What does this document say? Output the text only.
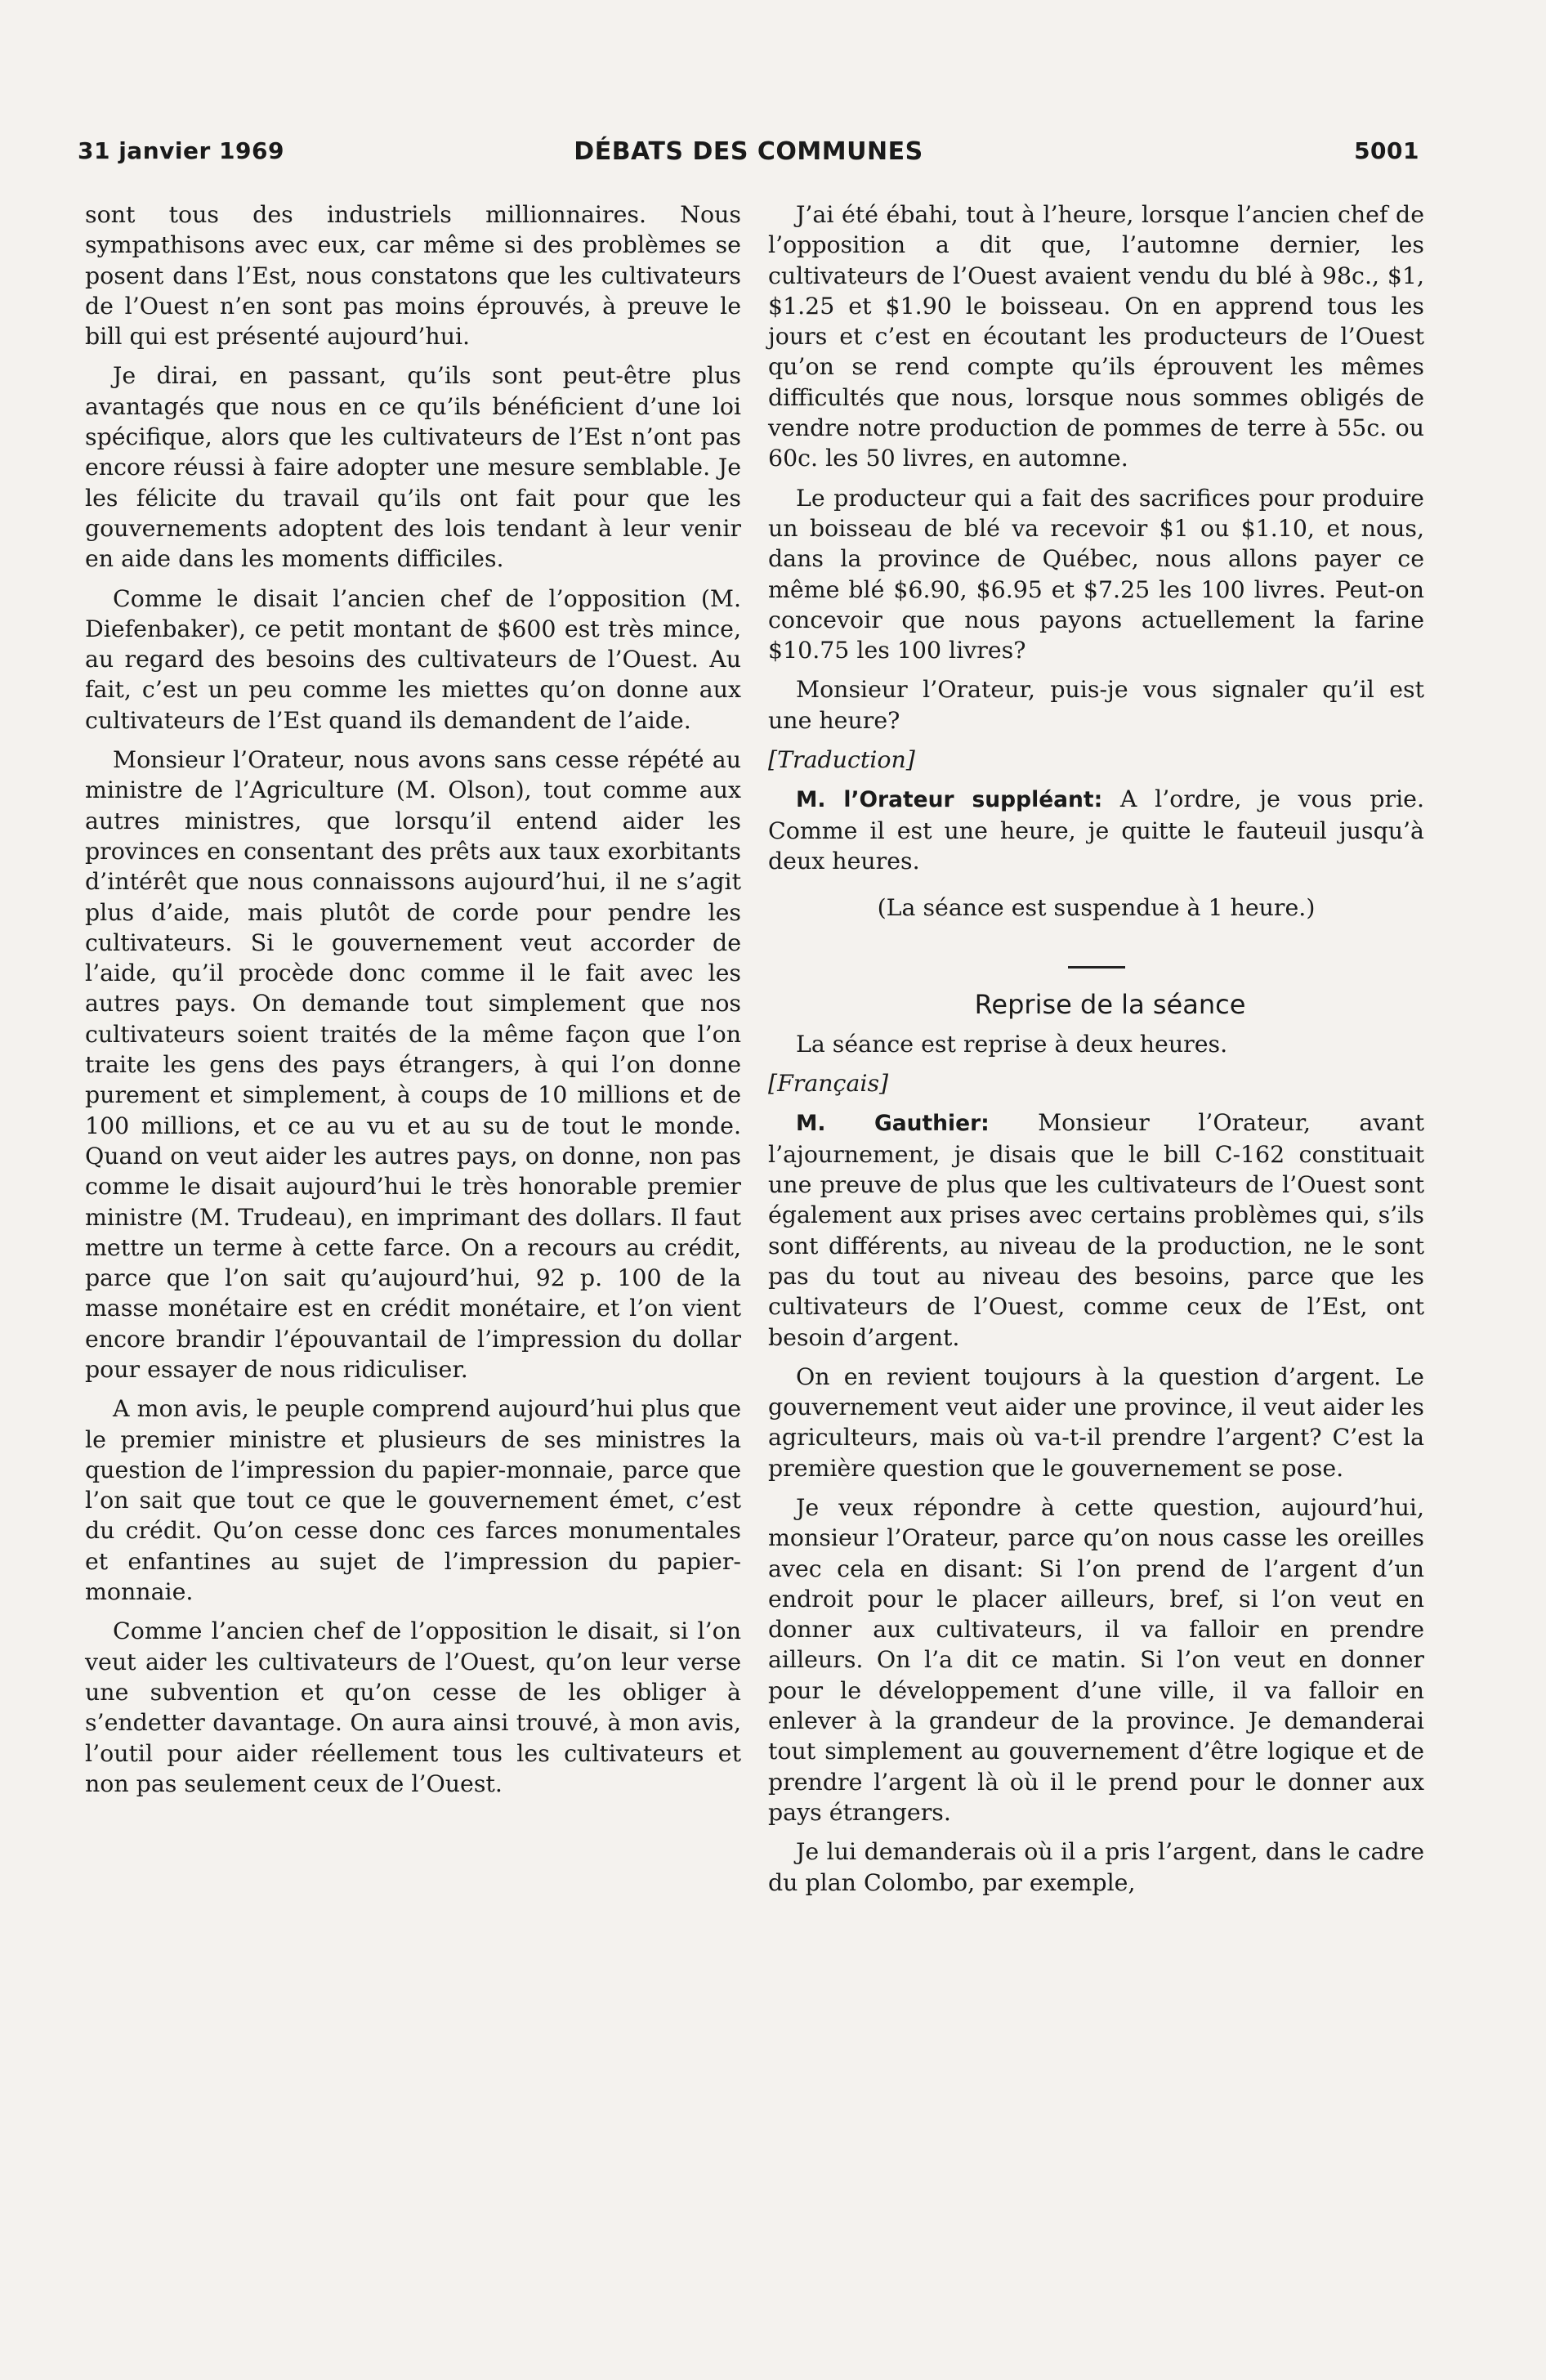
31 janvier 1969	DÉBATS DES COMMUNES	5001

sont tous des industriels millionnaires. Nous sympathisons avec eux, car même si des problèmes se posent dans l’Est, nous constatons que les cultivateurs de l’Ouest n’en sont pas moins éprouvés, à preuve le bill qui est présenté aujourd’hui.

Je dirai, en passant, qu’ils sont peut-être plus avantagés que nous en ce qu’ils bénéficient d’une loi spécifique, alors que les cultivateurs de l’Est n’ont pas encore réussi à faire adopter une mesure semblable. Je les félicite du travail qu’ils ont fait pour que les gouvernements adoptent des lois tendant à leur venir en aide dans les moments difficiles.

Comme le disait l’ancien chef de l’opposition (M. Diefenbaker), ce petit montant de $600 est très mince, au regard des besoins des cultivateurs de l’Ouest. Au fait, c’est un peu comme les miettes qu’on donne aux cultivateurs de l’Est quand ils demandent de l’aide.

Monsieur l’Orateur, nous avons sans cesse répété au ministre de l’Agriculture (M. Olson), tout comme aux autres ministres, que lorsqu’il entend aider les provinces en consentant des prêts aux taux exorbitants d’intérêt que nous connaissons aujourd’hui, il ne s’agit plus d’aide, mais plutôt de corde pour pendre les cultivateurs. Si le gouvernement veut accorder de l’aide, qu’il procède donc comme il le fait avec les autres pays. On demande tout simplement que nos cultivateurs soient traités de la même façon que l’on traite les gens des pays étrangers, à qui l’on donne purement et simplement, à coups de 10 millions et de 100 millions, et ce au vu et au su de tout le monde. Quand on veut aider les autres pays, on donne, non pas comme le disait aujourd’hui le très honorable premier ministre (M. Trudeau), en imprimant des dollars. Il faut mettre un terme à cette farce. On a recours au crédit, parce que l’on sait qu’aujourd’hui, 92 p. 100 de la masse monétaire est en crédit monétaire, et l’on vient encore brandir l’épouvantail de l’impression du dollar pour essayer de nous ridiculiser.

A mon avis, le peuple comprend aujourd’hui plus que le premier ministre et plusieurs de ses ministres la question de l’impression du papier-monnaie, parce que l’on sait que tout ce que le gouvernement émet, c’est du crédit. Qu’on cesse donc ces farces monumentales et enfantines au sujet de l’impression du papier-monnaie.

Comme l’ancien chef de l’opposition le disait, si l’on veut aider les cultivateurs de l’Ouest, qu’on leur verse une subvention et qu’on cesse de les obliger à s’endetter davantage. On aura ainsi trouvé, à mon avis, l’outil pour aider réellement tous les cultivateurs et non pas seulement ceux de l’Ouest.

J’ai été ébahi, tout à l’heure, lorsque l’ancien chef de l’opposition a dit que, l’automne dernier, les cultivateurs de l’Ouest avaient vendu du blé à 98c., $1, $1.25 et $1.90 le boisseau. On en apprend tous les jours et c’est en écoutant les producteurs de l’Ouest qu’on se rend compte qu’ils éprouvent les mêmes difficultés que nous, lorsque nous sommes obligés de vendre notre production de pommes de terre à 55c. ou 60c. les 50 livres, en automne.

Le producteur qui a fait des sacrifices pour produire un boisseau de blé va recevoir $1 ou $1.10, et nous, dans la province de Québec, nous allons payer ce même blé $6.90, $6.95 et $7.25 les 100 livres. Peut-on concevoir que nous payons actuellement la farine $10.75 les 100 livres?

Monsieur l’Orateur, puis-je vous signaler qu’il est une heure?

[Traduction]

M. l’Orateur suppléant: A l’ordre, je vous prie. Comme il est une heure, je quitte le fauteuil jusqu’à deux heures.

(La séance est suspendue à 1 heure.)

Reprise de la séance

La séance est reprise à deux heures.

[Français]

M. Gauthier: Monsieur l’Orateur, avant l’ajournement, je disais que le bill C-162 constituait une preuve de plus que les cultivateurs de l’Ouest sont également aux prises avec certains problèmes qui, s’ils sont différents, au niveau de la production, ne le sont pas du tout au niveau des besoins, parce que les cultivateurs de l’Ouest, comme ceux de l’Est, ont besoin d’argent.

On en revient toujours à la question d’argent. Le gouvernement veut aider une province, il veut aider les agriculteurs, mais où va-t-il prendre l’argent? C’est la première question que le gouvernement se pose.

Je veux répondre à cette question, aujourd’hui, monsieur l’Orateur, parce qu’on nous casse les oreilles avec cela en disant: Si l’on prend de l’argent d’un endroit pour le placer ailleurs, bref, si l’on veut en donner aux cultivateurs, il va falloir en prendre ailleurs. On l’a dit ce matin. Si l’on veut en donner pour le développement d’une ville, il va falloir en enlever à la grandeur de la province. Je demanderai tout simplement au gouvernement d’être logique et de prendre l’argent là où il le prend pour le donner aux pays étrangers.

Je lui demanderais où il a pris l’argent, dans le cadre du plan Colombo, par exemple,
